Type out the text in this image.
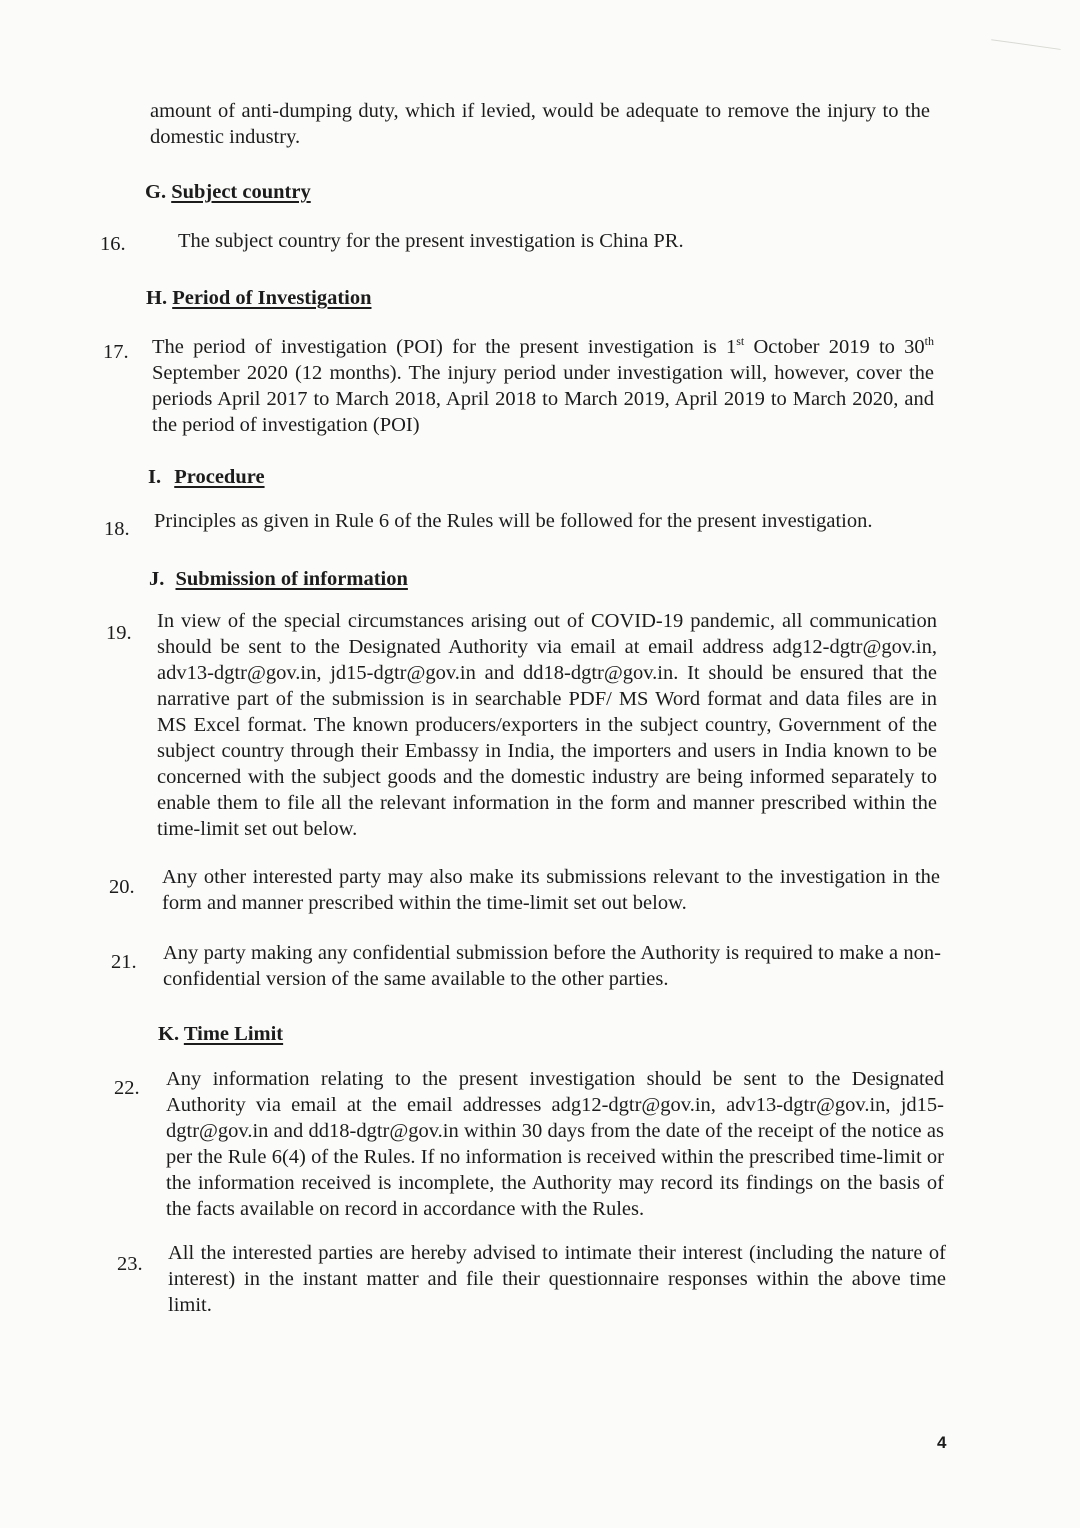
amount of anti-dumping duty, which if levied, would be adequate to remove the injury to the domestic industry.
G. Subject country
16.	The subject country for the present investigation is China PR.
H. Period of Investigation
17. The period of investigation (POI) for the present investigation is 1st October 2019 to 30th September 2020 (12 months). The injury period under investigation will, however, cover the periods April 2017 to March 2018, April 2018 to March 2019, April 2019 to March 2020, and the period of investigation (POI)
I. Procedure
18. Principles as given in Rule 6 of the Rules will be followed for the present investigation.
J. Submission of information
19.
In view of the special circumstances arising out of COVID-19 pandemic, all communication should be sent to the Designated Authority via email at email address adg12-dgtr@gov.in, adv13-dgtr@gov.in, jd15-dgtr@gov.in and dd18-dgtr@gov.in. It should be ensured that the narrative part of the submission is in searchable PDF/ MS Word format and data files are in MS Excel format. The known producers/exporters in the subject country, Government of the subject country through their Embassy in India, the importers and users in India known to be concerned with the subject goods and the domestic industry are being informed separately to enable them to file all the relevant information in the form and manner prescribed within the time-limit set out below.
20. Any other interested party may also make its submissions relevant to the investigation in the form and manner prescribed within the time-limit set out below.
21. Any party making any confidential submission before the Authority is required to make a non-confidential version of the same available to the other parties.
K. Time Limit
22. Any information relating to the present investigation should be sent to the Designated Authority via email at the email addresses adg12-dgtr@gov.in, adv13-dgtr@gov.in, jd15-dgtr@gov.in and dd18-dgtr@gov.in within 30 days from the date of the receipt of the notice as per the Rule 6(4) of the Rules. If no information is received within the prescribed time-limit or the information received is incomplete, the Authority may record its findings on the basis of the facts available on record in accordance with the Rules.
23. All the interested parties are hereby advised to intimate their interest (including the nature of interest) in the instant matter and file their questionnaire responses within the above time limit.
4
